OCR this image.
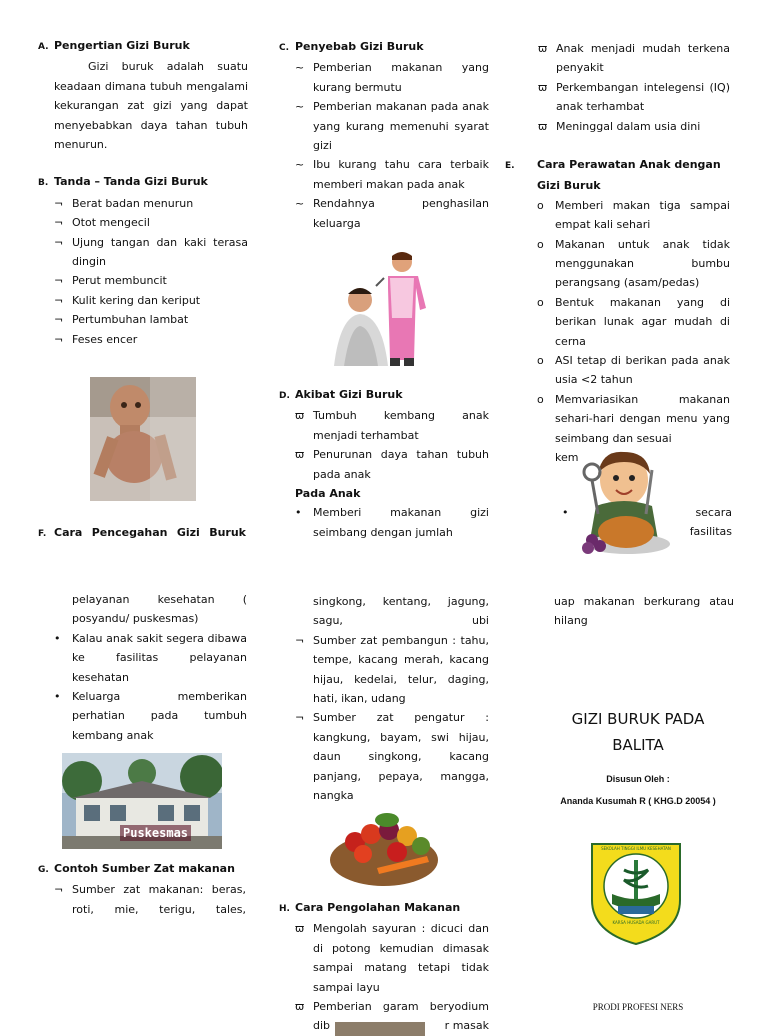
A. Pengertian Gizi Buruk

Gizi buruk adalah suatu keadaan dimana tubuh mengalami kekurangan zat gizi yang dapat menyebabkan daya tahan tubuh menurun.

B. Tanda – Tanda Gizi Buruk

¬ Berat badan menurun
¬ Otot mengecil
¬ Ujung tangan dan kaki terasa dingin
¬ Perut membuncit
¬ Kulit kering dan keriput
¬ Pertumbuhan lambat
¬ Feses encer

F. Cara Pencegahan Gizi Buruk

pelayanan kesehatan ( posyandu/ puskesmas)

•	Kalau anak sakit segera dibawa ke fasilitas pelayanan kesehatan
•	Keluarga memberikan perhatian pada tumbuh kembang anak
Puskesmas

G. Contoh Sumber Zat makanan

¬ Sumber zat makanan: beras, roti, mie, terigu, tales,

C. Penyebab Gizi Buruk

~ Pemberian makanan yang kurang bermutu
~ Pemberian makanan pada anak yang kurang memenuhi syarat gizi
~ Ibu kurang tahu cara terbaik memberi makan pada anak
~ Rendahnya penghasilan keluarga

D. Akibat Gizi Buruk

ϖ Tumbuh kembang anak menjadi terhambat
ϖ Penurunan daya tahan tubuh pada anak

Pada Anak

•	Memberi makanan gizi seimbang dengan jumlah

singkong, kentang, jagung, sagu, ubi

¬ Sumber zat pembangun : tahu, tempe, kacang merah, kacang hijau, kedelai, telur, daging, hati, ikan, udang
¬ Sumber zat pengatur : kangkung, bayam, swi hijau, daun singkong, kacang panjang, pepaya, mangga, nangka

H. Cara Pengolahan Makanan

ϖ Mengolah sayuran : dicuci dan di potong kemudian dimasak sampai matang tetapi tidak sampai layu
ϖ Pemberian garam beryodium
dib	r masak
ϖ Anak menjadi mudah terkena penyakit
ϖ Perkembangan intelegensi (IQ) anak terhambat
ϖ Meninggal dalam usia dini

E. Cara Perawatan Anak dengan Gizi Buruk

o	Memberi makan tiga sampai empat kali sehari
o	Makanan untuk anak tidak menggunakan bumbu perangsang (asam/pedas)
o	Bentuk makanan yang di berikan lunak agar mudah di cerna
o	ASI tetap di berikan pada anak usia <2 tahun
o	Memvariasikan makanan sehari-hari dengan menu yang seimbang dan sesuai

kem

•	secara
fasilitas

uap makanan berkurang atau hilang

GIZI BURUK PADA
BALITA
Disusun Oleh :
Ananda Kusumah R ( KHG.D 20054 )
SEKOLAH TINGGI ILMU KESEHATAN
KARSA HUSADA GARUT
PRODI PROFESI NERS
